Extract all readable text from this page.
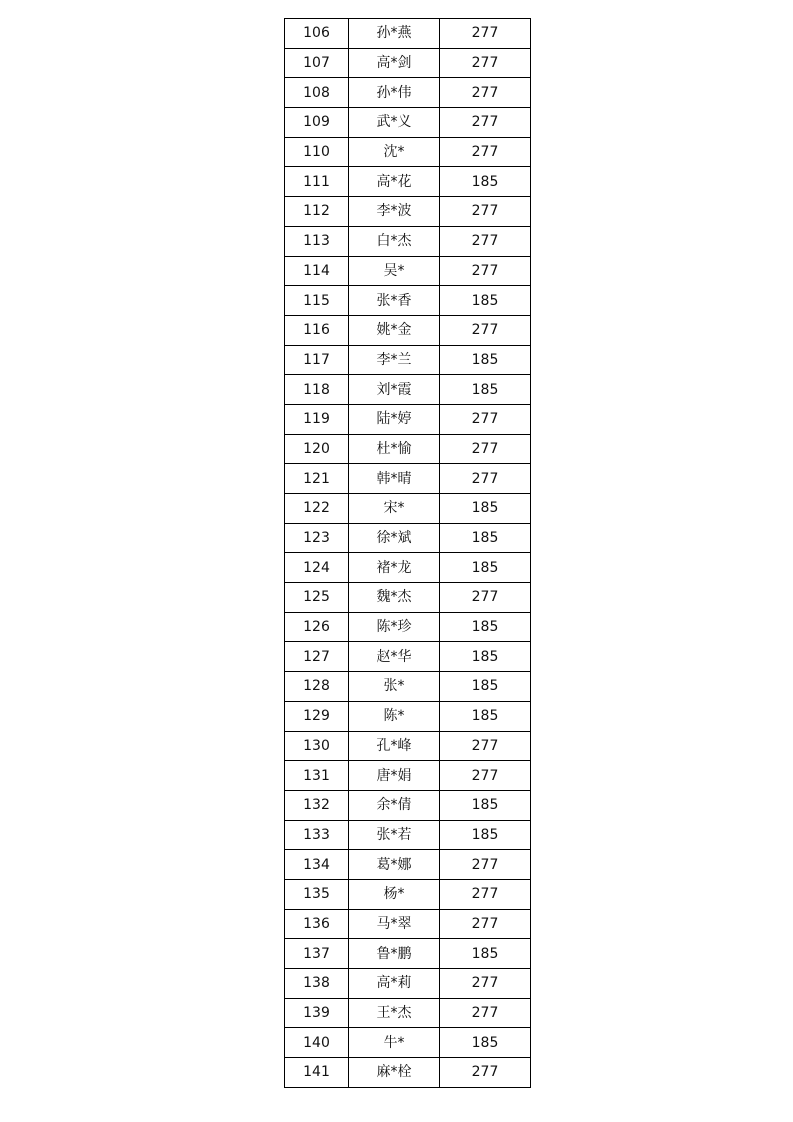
106	孙*燕	277
107	高*剑	277
108	孙*伟	277
109	武*义	277
110	沈*	277
111	高*花	185
112	李*波	277
113	白*杰	277
114	吴*	277
115	张*香	185
116	姚*金	277
117	李*兰	185
118	刘*霞	185
119	陆*婷	277
120	杜*愉	277
121	韩*晴	277
122	宋*	185
123	徐*斌	185
124	褚*龙	185
125	魏*杰	277
126	陈*珍	185
127	赵*华	185
128	张*	185
129	陈*	185
130	孔*峰	277
131	唐*娟	277
132	余*倩	185
133	张*若	185
134	葛*娜	277
135	杨*	277
136	马*翠	277
137	鲁*鹏	185
138	高*莉	277
139	王*杰	277
140	牛*	185
141	麻*栓	277
